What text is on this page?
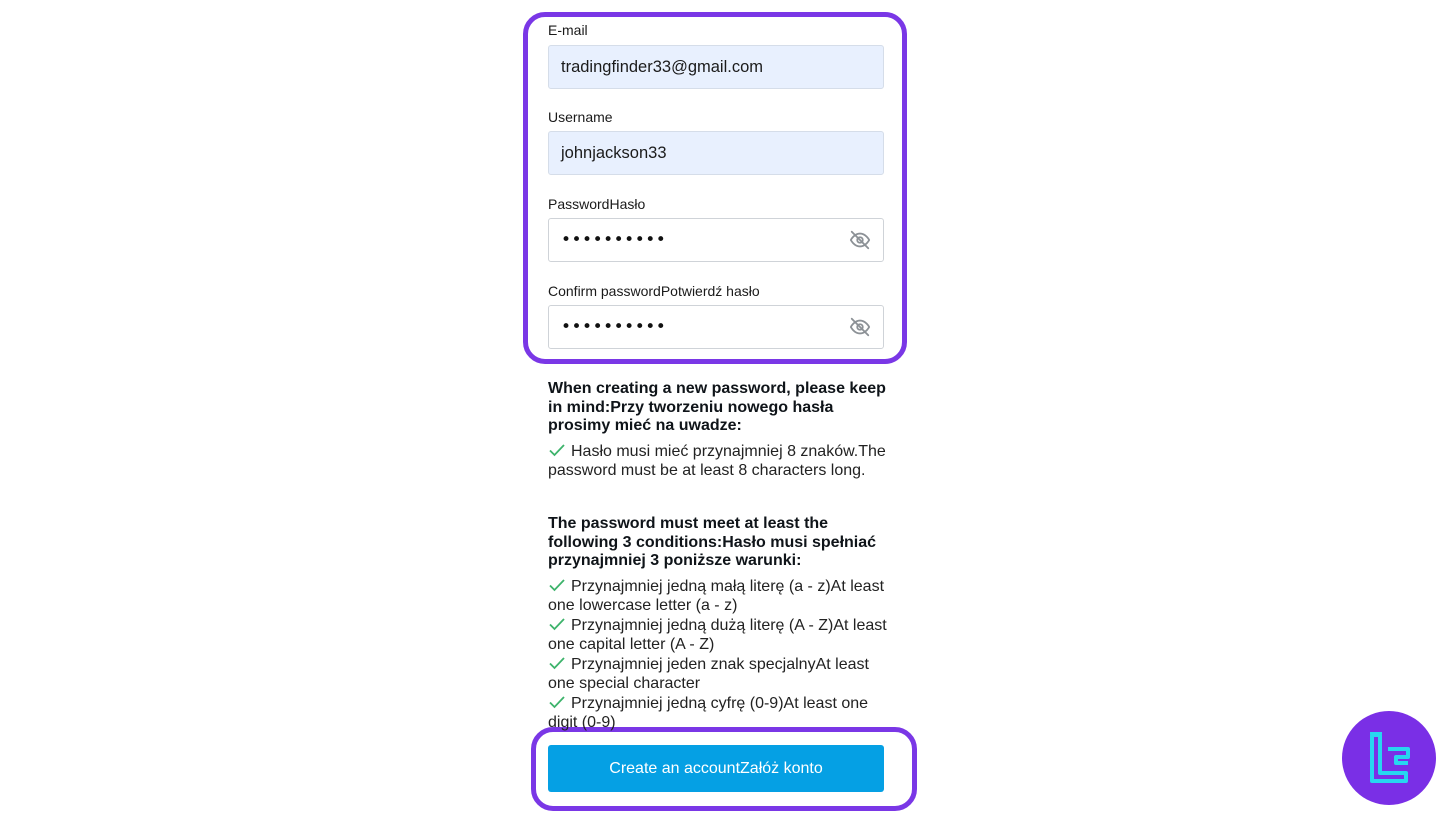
E-mail
tradingfinder33@gmail.com
Username
johnjackson33
PasswordHasło
••••••••••
Confirm passwordPotwierdź hasło
••••••••••
When creating a new password, please keep in mind:Przy tworzeniu nowego hasła prosimy mieć na uwadze:
Hasło musi mieć przynajmniej 8 znaków.The password must be at least 8 characters long.
The password must meet at least the following 3 conditions:Hasło musi spełniać przynajmniej 3 poniższe warunki:
Przynajmniej jedną małą literę (a - z)At least one lowercase letter (a - z)
Przynajmniej jedną dużą literę (A - Z)At least one capital letter (A - Z)
Przynajmniej jeden znak specjalnyAt least one special character
Przynajmniej jedną cyfrę (0-9)At least one digit (0-9)
Create an accountZałóż konto
